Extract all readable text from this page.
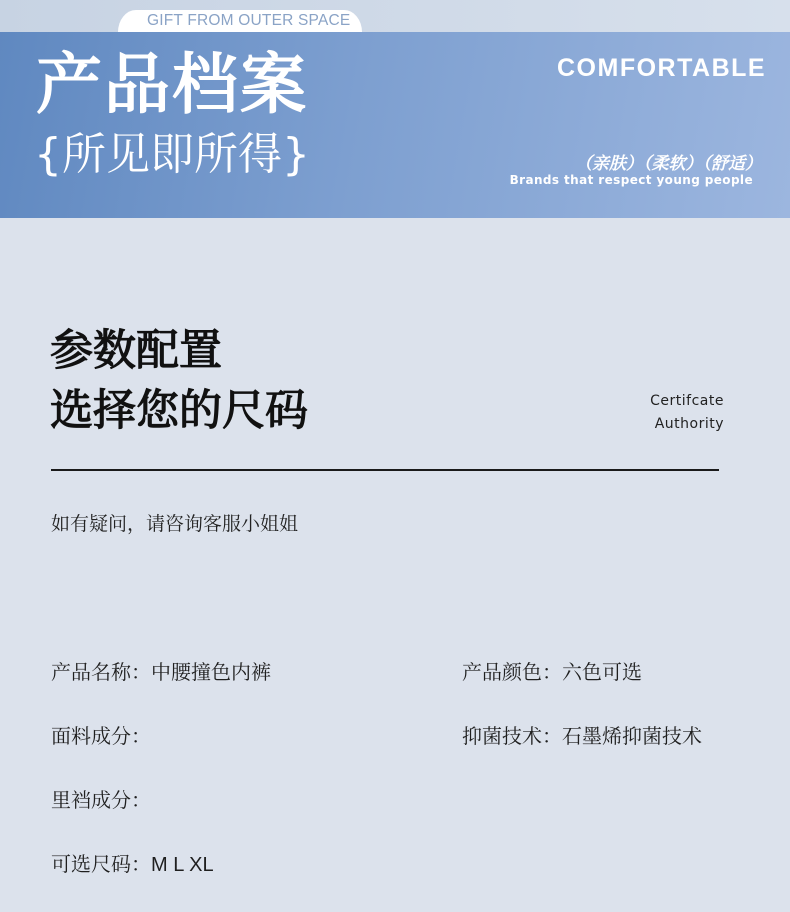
GIFT FROM OUTER SPACE
产品档案
{所见即所得}
COMFORTABLE
（亲肤）（柔软）（舒适）
Brands that respect young people
参数配置
选择您的尺码	Certifcate
Authority
如有疑问，请咨询客服小姐姐
产品名称：中腰撞色内裤	产品颜色：六色可选
面料成分：	抑菌技术：石墨烯抑菌技术
里裆成分：
可选尺码：M L XL
